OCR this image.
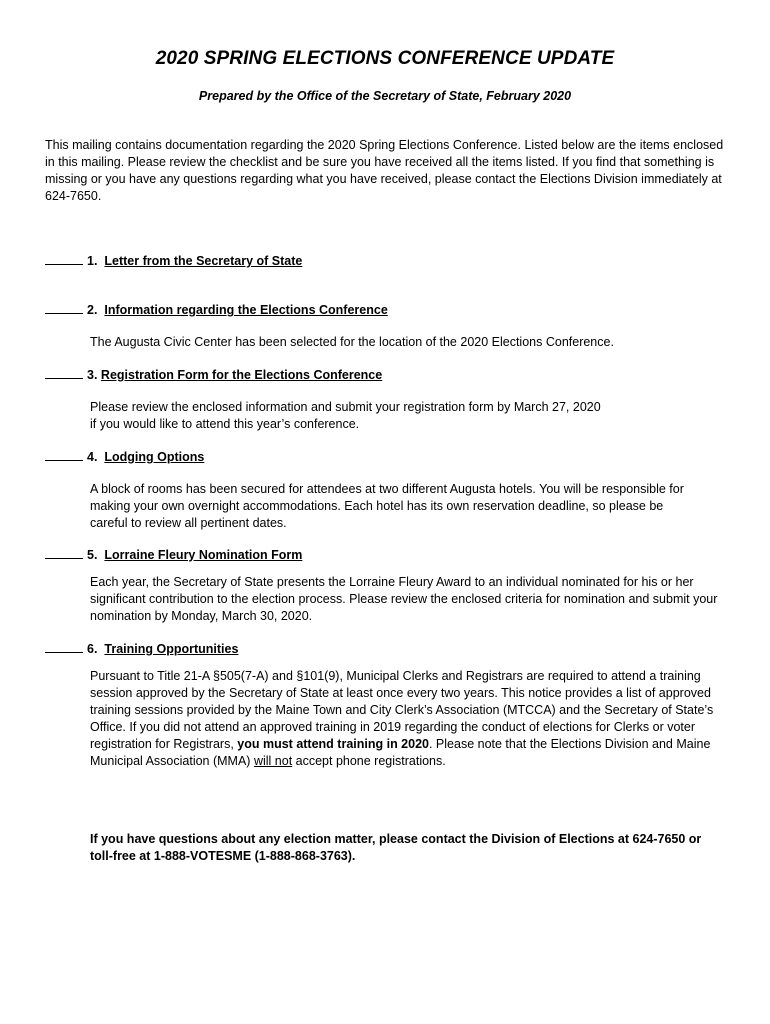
2020 SPRING ELECTIONS CONFERENCE UPDATE
Prepared by the Office of the Secretary of State, February 2020
This mailing contains documentation regarding the 2020 Spring Elections Conference. Listed below are the items enclosed in this mailing. Please review the checklist and be sure you have received all the items listed. If you find that something is missing or you have any questions regarding what you have received, please contact the Elections Division immediately at 624-7650.
1.
Letter from the Secretary of State
2.
Information regarding the Elections Conference
The Augusta Civic Center has been selected for the location of the 2020 Elections Conference.
3.
Registration Form for the Elections Conference

Please review the enclosed information and submit your registration form by March 27, 2020

if you would like to attend this year’s conference.

4.
Lodging Options
A block of rooms has been secured for attendees at two different Augusta hotels. You will be responsible for making your own overnight accommodations. Each hotel has its own reservation deadline, so please be careful to review all pertinent dates.
5.
Lorraine Fleury Nomination Form
Each year, the Secretary of State presents the Lorraine Fleury Award to an individual nominated for his or her significant contribution to the election process. Please review the enclosed criteria for nomination and submit your nomination by Monday, March 30, 2020.
6.
Training Opportunities

Pursuant to Title 21-A §505(7-A) and §101(9), Municipal Clerks and Registrars are required to attend a training session approved by the Secretary of State at least once every two years. This notice provides a list of approved training sessions provided by the Maine Town and City Clerk’s Association (MTCCA) and the Secretary of State’s Office. If you did not attend an approved training in 2019 regarding the conduct of elections for Clerks or voter registration for Registrars, you must attend training in 2020. Please note that the Elections Division and Maine Municipal Association (MMA) will not accept phone registrations.

If you have questions about any election matter, please contact the Division of Elections at 624-7650 or toll-free at 1-888-VOTESME (1-888-868-3763).
